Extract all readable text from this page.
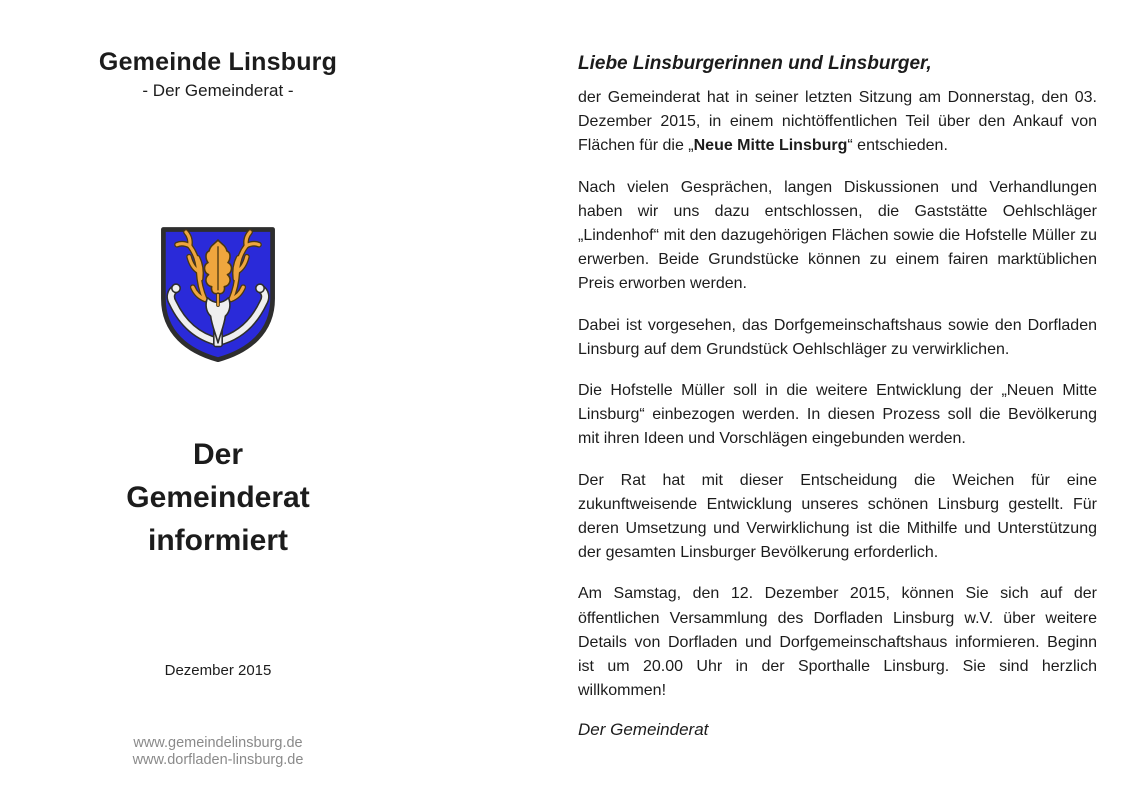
Gemeinde Linsburg
- Der Gemeinderat -
Der
Gemeinderat
informiert
Dezember 2015
www.gemeindelinsburg.de
www.dorfladen-linsburg.de
Liebe Linsburgerinnen und Linsburger,

der Gemeinderat hat in seiner letzten Sitzung am Donnerstag, den 03. Dezember 2015, in einem nichtöffentlichen Teil über den Ankauf von Flächen für die „Neue Mitte Linsburg“ entschieden.

Nach vielen Gesprächen, langen Diskussionen und Verhandlungen haben wir uns dazu entschlossen, die Gaststätte Oehlschläger „Lindenhof“ mit den dazugehörigen Flächen sowie die Hofstelle Müller zu erwerben. Beide Grundstücke können zu einem fairen marktüblichen Preis erworben werden.

Dabei ist vorgesehen, das Dorfgemeinschaftshaus sowie den Dorfladen Linsburg auf dem Grundstück Oehlschläger zu verwirklichen.

Die Hofstelle Müller soll in die weitere Entwicklung der „Neuen Mitte Linsburg“ einbezogen werden. In diesen Prozess soll die Bevölkerung mit ihren Ideen und Vorschlägen eingebunden werden.

Der Rat hat mit dieser Entscheidung die Weichen für eine zukunftweisende Entwicklung unseres schönen Linsburg gestellt. Für deren Umsetzung und Verwirklichung ist die Mithilfe und Unterstützung der gesamten Linsburger Bevölkerung erforderlich.

Am Samstag, den 12. Dezember 2015, können Sie sich auf der öffentlichen Versammlung des Dorfladen Linsburg w.V. über weitere Details von Dorfladen und Dorfgemeinschaftshaus informieren. Beginn ist um 20.00 Uhr in der Sporthalle Linsburg. Sie sind herzlich willkommen!

Der Gemeinderat
